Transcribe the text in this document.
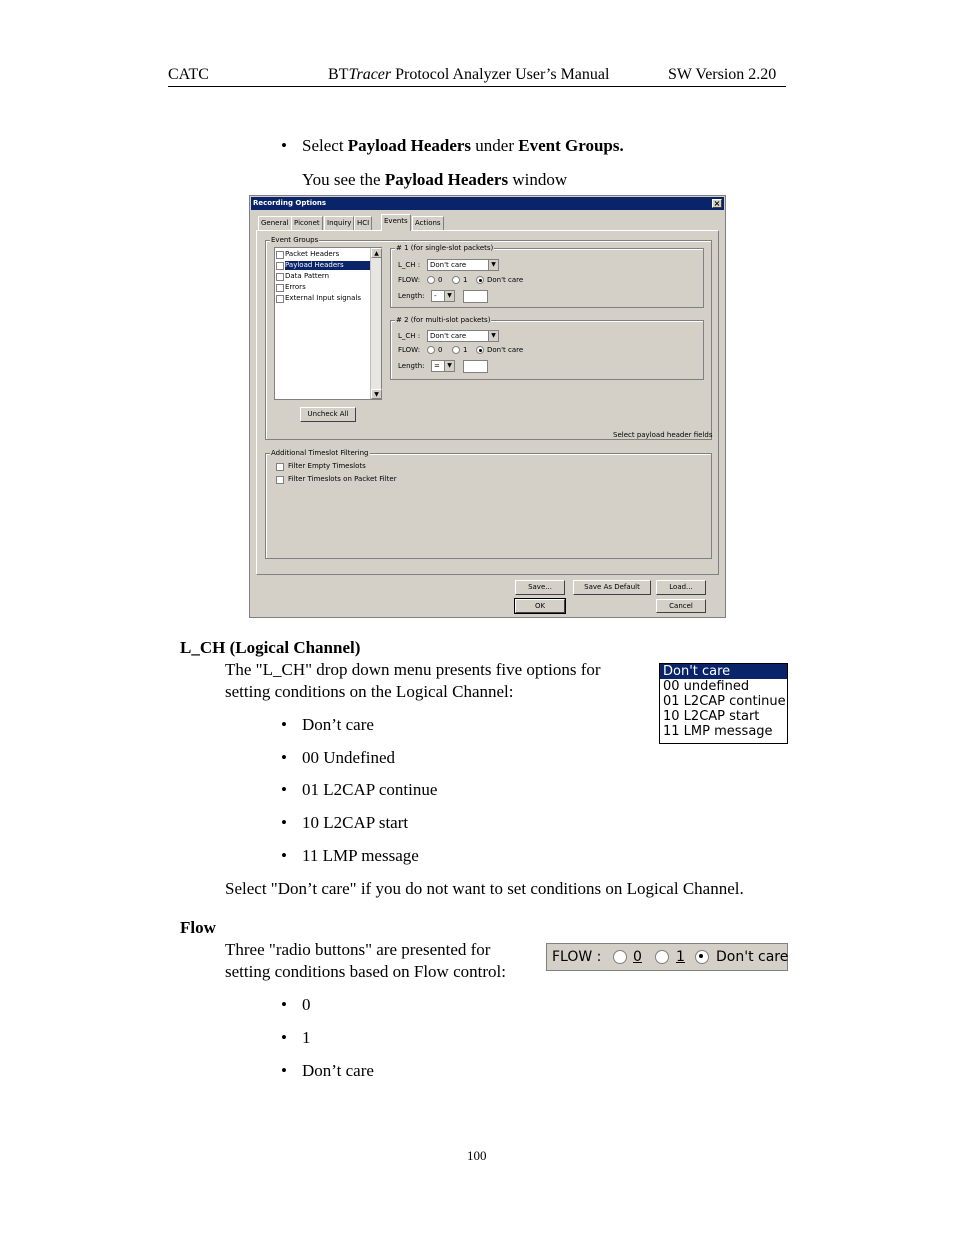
CATC	BTTracer Protocol Analyzer User’s Manual	SW Version 2.20
• Select Payload Headers under Event Groups.
You see the Payload Headers window
Recording Options	×
General Piconet	Inquiry HCI	Events	Actions
Event Groups
Packet Headers
Payload Headers
Data Pattern
Errors
External Input signals
▲
▼
Uncheck All
# 1 (for single-slot packets)
L_CH :	Don't care	▼
FLOW:	0	1	Don't care
Length:	-	▼
# 2 (for multi-slot packets)
L_CH :	Don't care	▼
FLOW:	0	1	Don't care
Length:	=	▼
Select payload header fields
Additional Timeslot Filtering
Filter Empty Timeslots
Filter Timeslots on Packet Filter
Save...	Save As Default	Load...
OK	Cancel
L_CH (Logical Channel)
The "L_CH" drop down menu presents five options for
setting conditions on the Logical Channel:
• Don’t care
• 00 Undefined
• 01 L2CAP continue
• 10 L2CAP start
• 11 LMP message
Don't care
00 undefined
01 L2CAP continue
10 L2CAP start
11 LMP message
Select "Don’t care" if you do not want to set conditions on Logical Channel.
Flow
Three "radio buttons" are presented for
setting conditions based on Flow control:
FLOW : 0 1 Don't care
• 0
• 1
• Don’t care
100
